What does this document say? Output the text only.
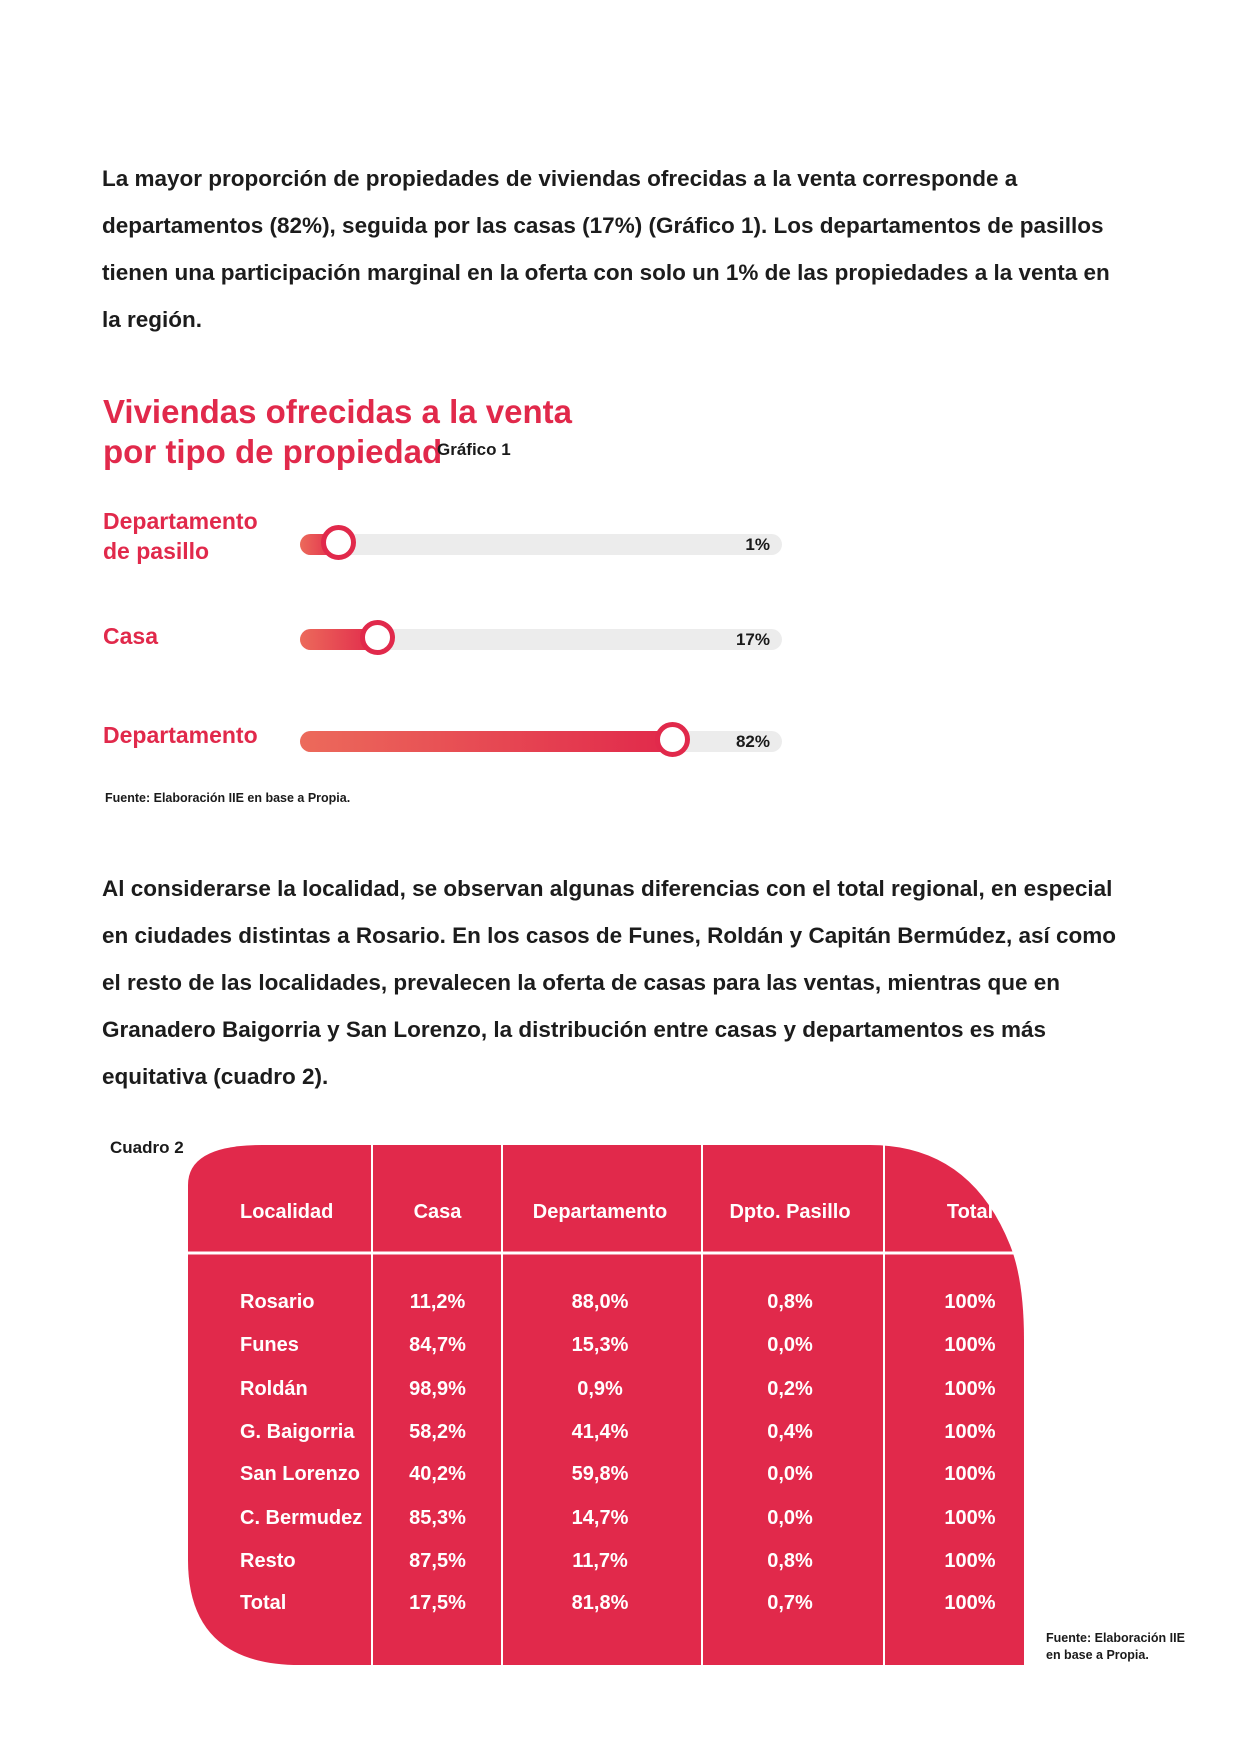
La mayor proporción de propiedades de viviendas ofrecidas a la venta corresponde a departamentos (82%), seguida por las casas (17%) (Gráfico 1). Los departamentos de pasillos tienen una participación marginal en la oferta con solo un 1% de las propiedades a la venta en la región.

Viviendas ofrecidas a la venta
por tipo de propiedad
Gráfico 1
Departamento de pasillo	1%
Casa	17%
Departamento	82%
Fuente: Elaboración IIE en base a Propia.

Al considerarse la localidad, se observan algunas diferencias con el total regional, en especial en ciudades distintas a Rosario. En los casos de Funes, Roldán y Capitán Bermúdez, así como el resto de las localidades, prevalecen la oferta de casas para las ventas, mientras que en Granadero Baigorria y San Lorenzo, la distribución entre casas y departamentos es más equitativa (cuadro 2).

Cuadro 2
Localidad	Casa	Departamento	Dpto. Pasillo	Total
Rosario	11,2%	88,0%	0,8%	100%
Funes	84,7%	15,3%	0,0%	100%
Roldán	98,9%	0,9%	0,2%	100%
G. Baigorria	58,2%	41,4%	0,4%	100%
San Lorenzo	40,2%	59,8%	0,0%	100%
C. Bermudez	85,3%	14,7%	0,0%	100%
Resto	87,5%	11,7%	0,8%	100%
Total	17,5%	81,8%	0,7%	100%
Fuente: Elaboración IIE
en base a Propia.
